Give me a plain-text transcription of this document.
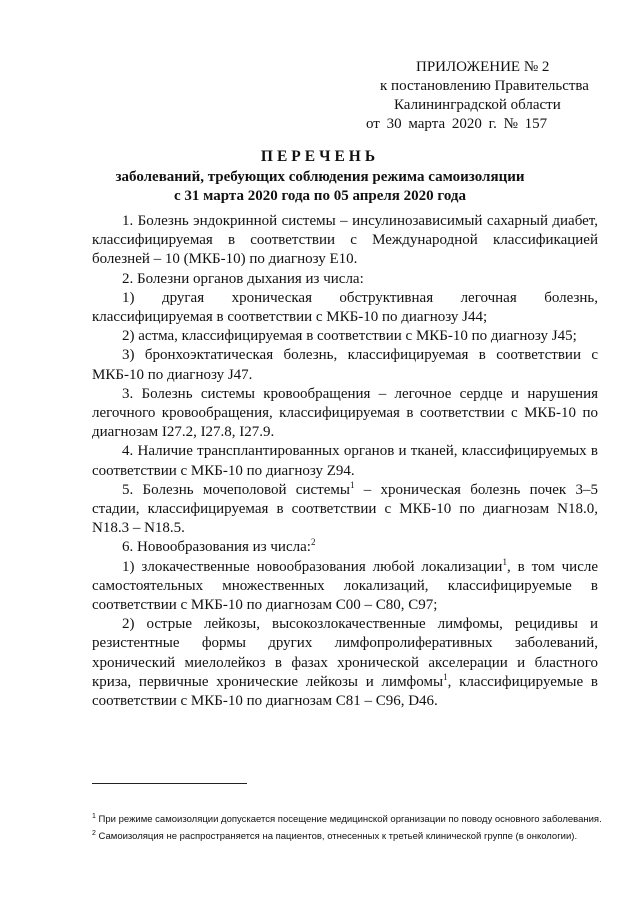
ПРИЛОЖЕНИЕ № 2
к постановлению Правительства
Калининградской области
от 30 марта 2020 г. № 157
ПЕРЕЧЕНЬ
заболеваний, требующих соблюдения режима самоизоляции
с 31 марта 2020 года по 05 апреля 2020 года

1. Болезнь эндокринной системы – инсулинозависимый сахарный диабет, классифицируемая в соответствии с Международной классификацией болезней – 10 (МКБ-10) по диагнозу Е10.

2. Болезни органов дыхания из числа:

1) другая хроническая обструктивная легочная болезнь, классифицируемая в соответствии с МКБ-10 по диагнозу J44;

2) астма, классифицируемая в соответствии с МКБ-10 по диагнозу J45;

3) бронхоэктатическая болезнь, классифицируемая в соответствии с МКБ-10 по диагнозу J47.

3. Болезнь системы кровообращения – легочное сердце и нарушения легочного кровообращения, классифицируемая в соответствии с МКБ-10 по диагнозам I27.2, I27.8, I27.9.

4. Наличие трансплантированных органов и тканей, классифицируемых в соответствии с МКБ-10 по диагнозу Z94.

5. Болезнь мочеполовой системы$^1$ – хроническая болезнь почек 3–5 стадии, классифицируемая в соответствии с МКБ-10 по диагнозам N18.0, N18.3 – N18.5.

6. Новообразования из числа:$^2$

1) злокачественные новообразования любой локализации$^1$, в том числе самостоятельных множественных локализаций, классифицируемые в соответствии с МКБ-10 по диагнозам С00 – С80, С97;

2) острые лейкозы, высокозлокачественные лимфомы, рецидивы и резистентные формы других лимфопролиферативных заболеваний, хронический миелолейкоз в фазах хронической акселерации и бластного криза, первичные хронические лейкозы и лимфомы$^1$, классифицируемые в соответствии с МКБ-10 по диагнозам С81 – С96, D46.

$^1$ При режиме самоизоляции допускается посещение медицинской организации по поводу основного заболевания.

$^2$ Самоизоляция не распространяется на пациентов, отнесенных к третьей клинической группе (в онкологии).
